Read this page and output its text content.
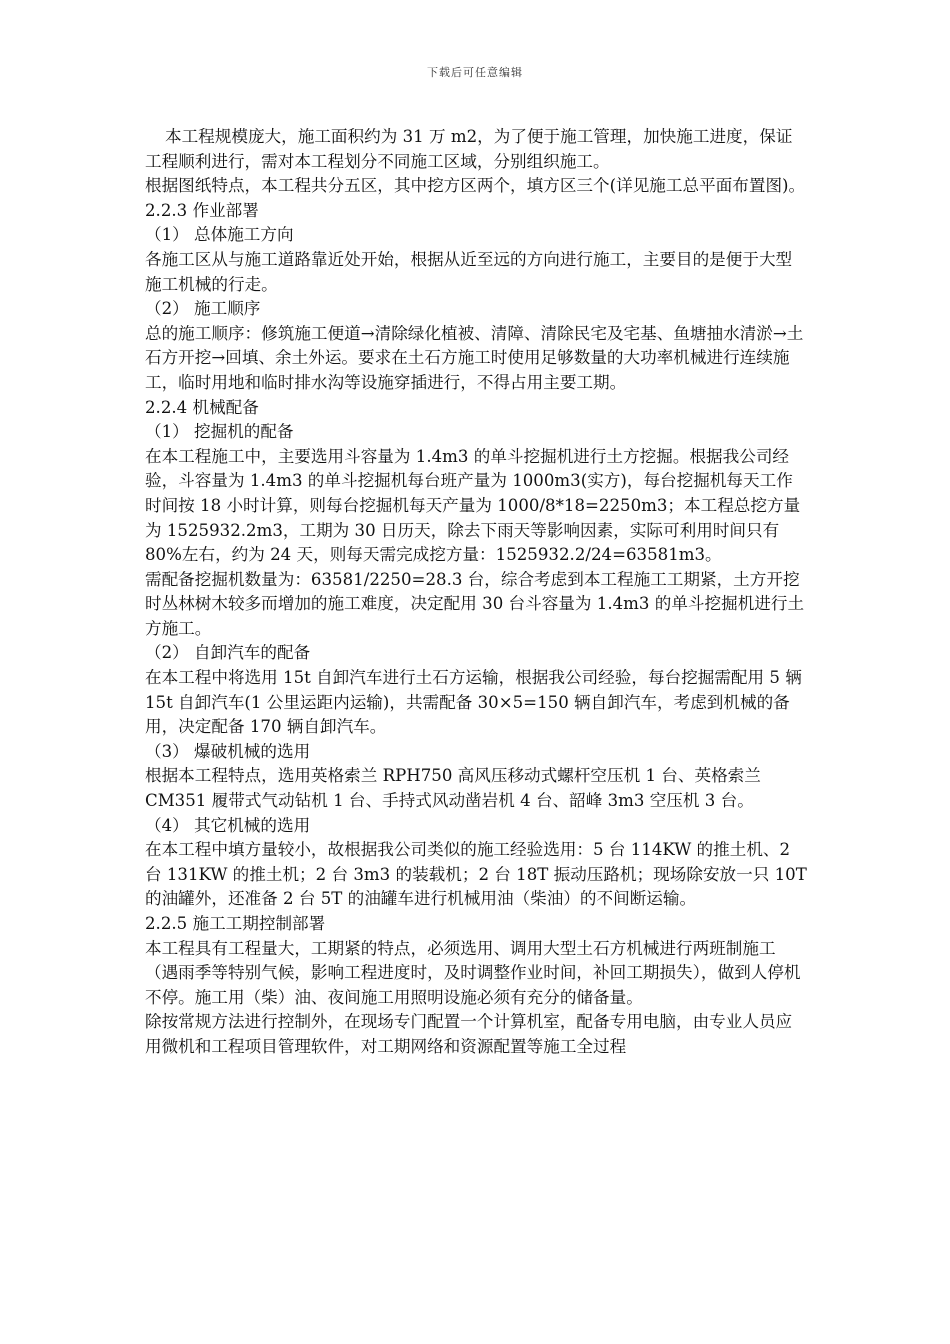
下载后可任意编辑

本工程规模庞大，施工面积约为 31 万 m2，为了便于施工管理，加快施工进度，保证工程顺利进行，需对本工程划分不同施工区域，分别组织施工。

根据图纸特点，本工程共分五区，其中挖方区两个，填方区三个(详见施工总平面布置图)。

2.2.3 作业部署

（1） 总体施工方向

各施工区从与施工道路靠近处开始，根据从近至远的方向进行施工，主要目的是便于大型施工机械的行走。

（2） 施工顺序

总的施工顺序：修筑施工便道→清除绿化植被、清障、清除民宅及宅基、鱼塘抽水清淤→土石方开挖→回填、余土外运。要求在土石方施工时使用足够数量的大功率机械进行连续施工，临时用地和临时排水沟等设施穿插进行，不得占用主要工期。

2.2.4 机械配备

（1） 挖掘机的配备

在本工程施工中，主要选用斗容量为 1.4m3 的单斗挖掘机进行土方挖掘。根据我公司经验，斗容量为 1.4m3 的单斗挖掘机每台班产量为 1000m3(实方)，每台挖掘机每天工作时间按 18 小时计算，则每台挖掘机每天产量为 1000/8*18=2250m3；本工程总挖方量为 1525932.2m3，工期为 30 日历天，除去下雨天等影响因素，实际可利用时间只有 80%左右，约为 24 天，则每天需完成挖方量：1525932.2/24=63581m3。

需配备挖掘机数量为：63581/2250=28.3 台，综合考虑到本工程施工工期紧，土方开挖时丛林树木较多而增加的施工难度，决定配用 30 台斗容量为 1.4m3 的单斗挖掘机进行土方施工。

（2） 自卸汽车的配备

在本工程中将选用 15t 自卸汽车进行土石方运输，根据我公司经验，每台挖掘需配用 5 辆 15t 自卸汽车(1 公里运距内运输)，共需配备 30×5=150 辆自卸汽车，考虑到机械的备用，决定配备 170 辆自卸汽车。

（3） 爆破机械的选用

根据本工程特点，选用英格索兰 RPH750 高风压移动式螺杆空压机 1 台、英格索兰 CM351 履带式气动钻机 1 台、手持式风动凿岩机 4 台、韶峰 3m3 空压机 3 台。

（4） 其它机械的选用

在本工程中填方量较小，故根据我公司类似的施工经验选用：5 台 114KW 的推土机、2 台 131KW 的推土机；2 台 3m3 的装载机；2 台 18T 振动压路机；现场除安放一只 10T 的油罐外，还准备 2 台 5T 的油罐车进行机械用油（柴油）的不间断运输。

2.2.5 施工工期控制部署

本工程具有工程量大，工期紧的特点，必须选用、调用大型土石方机械进行两班制施工（遇雨季等特别气候，影响工程进度时，及时调整作业时间，补回工期损失），做到人停机不停。施工用（柴）油、夜间施工用照明设施必须有充分的储备量。

除按常规方法进行控制外，在现场专门配置一个计算机室，配备专用电脑，由专业人员应用微机和工程项目管理软件，对工期网络和资源配置等施工全过程
